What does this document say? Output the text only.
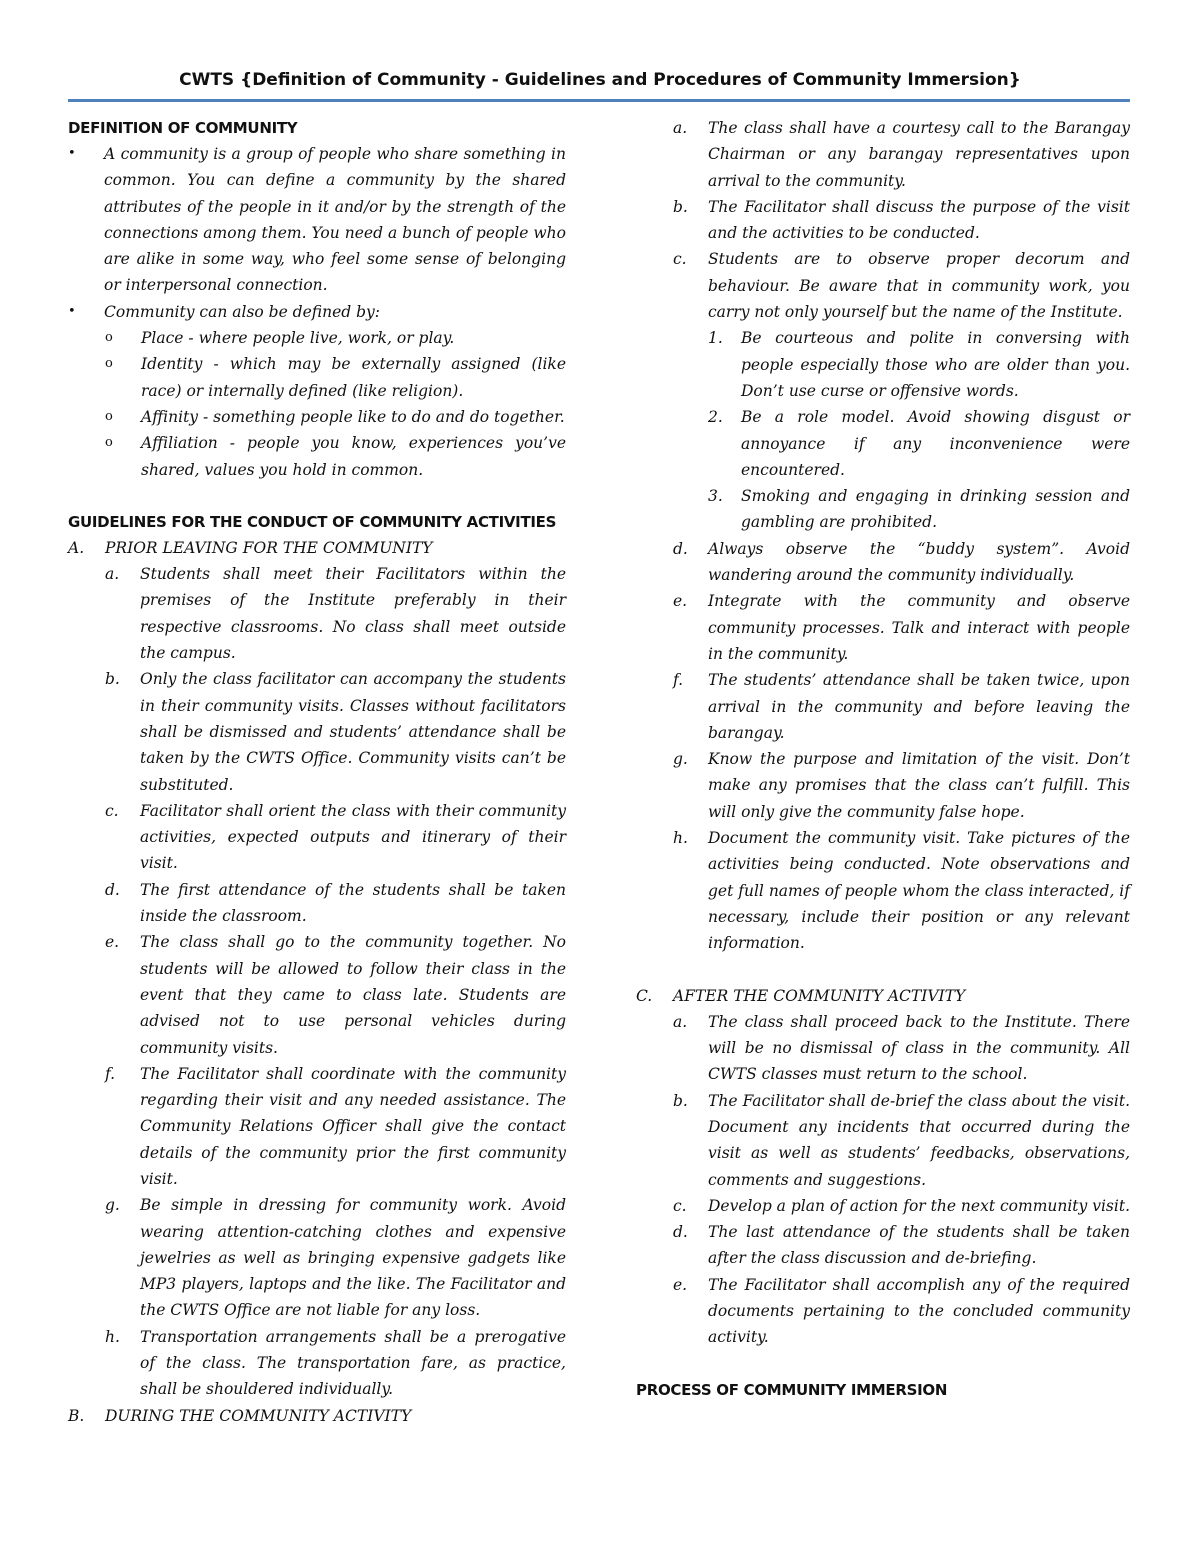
CWTS {Definition of Community - Guidelines and Procedures of Community Immersion}
DEFINITION OF COMMUNITY
•	A community is a group of people who share something in common. You can define a community by the shared attributes of the people in it and/or by the strength of the connections among them. You need a bunch of people who are alike in some way, who feel some sense of belonging or interpersonal connection.
•	Community can also be defined by:
o	Place - where people live, work, or play.
o	Identity - which may be externally assigned (like race) or internally defined (like religion).
o	Affinity - something people like to do and do together.
o	Affiliation - people you know, experiences you’ve shared, values you hold in common.
GUIDELINES FOR THE CONDUCT OF COMMUNITY ACTIVITIES
A.	PRIOR LEAVING FOR THE COMMUNITY
a.	Students shall meet their Facilitators within the premises of the Institute preferably in their respective classrooms. No class shall meet outside the campus.
b.	Only the class facilitator can accompany the students in their community visits. Classes without facilitators shall be dismissed and students’ attendance shall be taken by the CWTS Office. Community visits can’t be substituted.
c.	Facilitator shall orient the class with their community activities, expected outputs and itinerary of their visit.
d.	The first attendance of the students shall be taken inside the classroom.
e.	The class shall go to the community together. No students will be allowed to follow their class in the event that they came to class late. Students are advised not to use personal vehicles during community visits.
f.	The Facilitator shall coordinate with the community regarding their visit and any needed assistance. The Community Relations Officer shall give the contact details of the community prior the first community visit.
g.	Be simple in dressing for community work. Avoid wearing attention-catching clothes and expensive jewelries as well as bringing expensive gadgets like MP3 players, laptops and the like. The Facilitator and the CWTS Office are not liable for any loss.
h.	Transportation arrangements shall be a prerogative of the class. The transportation fare, as practice, shall be shouldered individually.
B.	DURING THE COMMUNITY ACTIVITY
a.	The class shall have a courtesy call to the Barangay Chairman or any barangay representatives upon arrival to the community.
b.	The Facilitator shall discuss the purpose of the visit and the activities to be conducted.
c.	Students are to observe proper decorum and behaviour. Be aware that in community work, you carry not only yourself but the name of the Institute.
1.	Be courteous and polite in conversing with people especially those who are older than you. Don’t use curse or offensive words.
2.	Be a role model. Avoid showing disgust or annoyance if any inconvenience were encountered.
3.	Smoking and engaging in drinking session and gambling are prohibited.
d.	Always observe the “buddy system”. Avoid wandering around the community individually.
e.	Integrate with the community and observe community processes. Talk and interact with people in the community.
f.	The students’ attendance shall be taken twice, upon arrival in the community and before leaving the barangay.
g.	Know the purpose and limitation of the visit. Don’t make any promises that the class can’t fulfill. This will only give the community false hope.
h.	Document the community visit. Take pictures of the activities being conducted. Note observations and get full names of people whom the class interacted, if necessary, include their position or any relevant information.
C.	AFTER THE COMMUNITY ACTIVITY
a.	The class shall proceed back to the Institute. There will be no dismissal of class in the community. All CWTS classes must return to the school.
b.	The Facilitator shall de-brief the class about the visit. Document any incidents that occurred during the visit as well as students’ feedbacks, observations, comments and suggestions.
c.	Develop a plan of action for the next community visit.
d.	The last attendance of the students shall be taken after the class discussion and de-briefing.
e.	The Facilitator shall accomplish any of the required documents pertaining to the concluded community activity.
PROCESS OF COMMUNITY IMMERSION
